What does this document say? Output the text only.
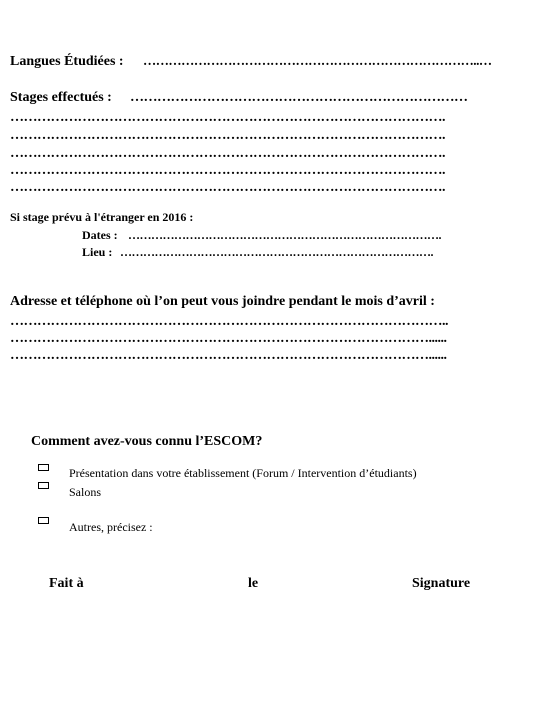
Langues Étudiées : ……………………………………………………………………..…
Stages effectués : …………………………………………………………………
…………………………………………………………………………………….
…………………………………………………………………………………….
…………………………………………………………………………………….
…………………………………………………………………………………….
…………………………………………………………………………………….
Si stage prévu à l'étranger en 2016 :
Dates : ……………………………………………………………………….
Lieu : ……………………………………………………………………….
Adresse et téléphone où l’on peut vous joindre pendant le mois d’avril :
……………………………………………………………………………………..
…………………………………………………………………………………......
…………………………………………………………………………………......
Comment avez-vous connu l’ESCOM?
Présentation dans votre établissement (Forum / Intervention d’étudiants)
Salons
Autres, précisez :
Fait à	le	Signature
